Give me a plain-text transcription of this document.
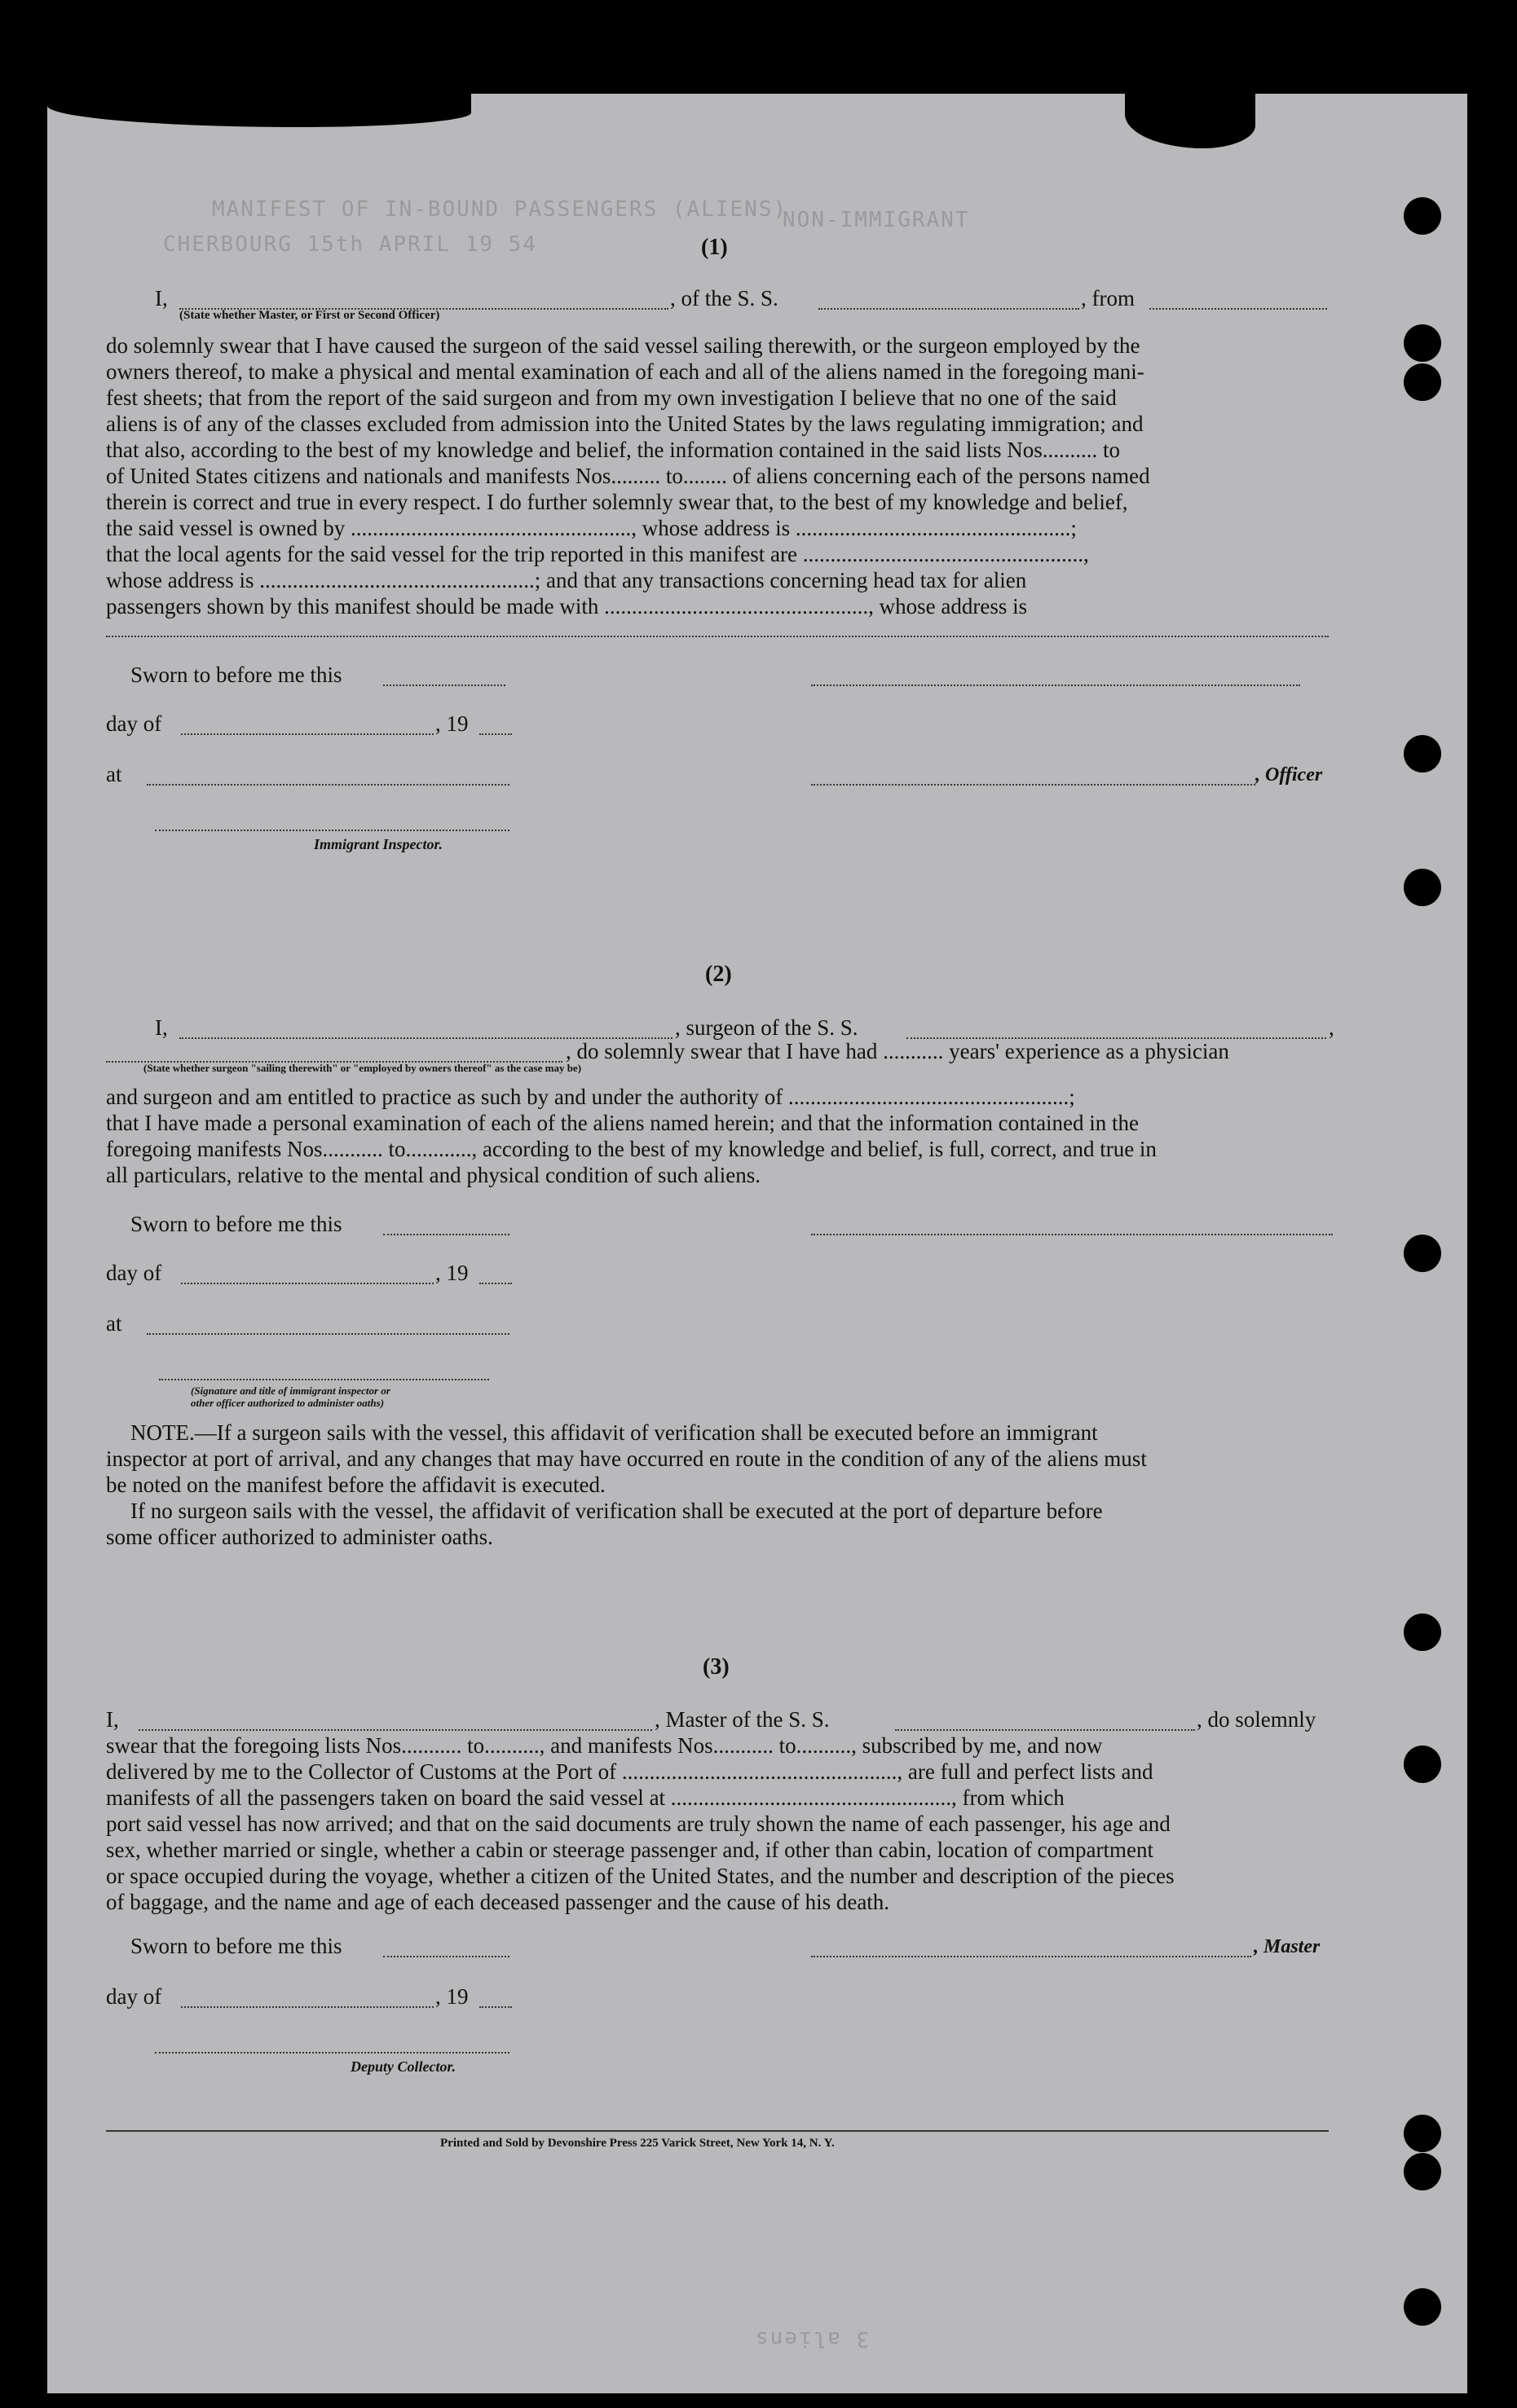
MANIFEST OF IN-BOUND PASSENGERS (ALIENS)
CHERBOURG 15th APRIL 19 54
NON-IMMIGRANT
(1)
I,	, of the S. S.	, from
(State whether Master, or First or Second Officer)
do solemnly swear that I have caused the surgeon of the said vessel sailing therewith, or the surgeon employed by the
owners thereof, to make a physical and mental examination of each and all of the aliens named in the foregoing mani-
fest sheets; that from the report of the said surgeon and from my own investigation I believe that no one of the said
aliens is of any of the classes excluded from admission into the United States by the laws regulating immigration; and
that also, according to the best of my knowledge and belief, the information contained in the said lists Nos.......... to
of United States citizens and nationals and manifests Nos......... to........ of aliens concerning each of the persons named
therein is correct and true in every respect. I do further solemnly swear that, to the best of my knowledge and belief,
the said vessel is owned by ..................................................., whose address is ..................................................;
that the local agents for the said vessel for the trip reported in this manifest are ...................................................,
whose address is ..................................................; and that any transactions concerning head tax for alien
passengers shown by this manifest should be made with ................................................, whose address is
Sworn to before me this
day of	, 19
at	, Officer
Immigrant Inspector.
(2)
I,	, surgeon of the S. S.	,
, do solemnly swear that I have had ........... years' experience as a physician
(State whether surgeon "sailing therewith" or "employed by owners thereof" as the case may be)
and surgeon and am entitled to practice as such by and under the authority of ...................................................;
that I have made a personal examination of each of the aliens named herein; and that the information contained in the
foregoing manifests Nos........... to............, according to the best of my knowledge and belief, is full, correct, and true in
all particulars, relative to the mental and physical condition of such aliens.
Sworn to before me this
day of	, 19
at
(Signature and title of immigrant inspector or
other officer authorized to administer oaths)
NOTE.—If a surgeon sails with the vessel, this affidavit of verification shall be executed before an immigrant
inspector at port of arrival, and any changes that may have occurred en route in the condition of any of the aliens must
be noted on the manifest before the affidavit is executed.
If no surgeon sails with the vessel, the affidavit of verification shall be executed at the port of departure before
some officer authorized to administer oaths.
(3)
I,	, Master of the S. S.	, do solemnly
swear that the foregoing lists Nos........... to.........., and manifests Nos........... to.........., subscribed by me, and now
delivered by me to the Collector of Customs at the Port of .................................................., are full and perfect lists and
manifests of all the passengers taken on board the said vessel at ..................................................., from which
port said vessel has now arrived; and that on the said documents are truly shown the name of each passenger, his age and
sex, whether married or single, whether a cabin or steerage passenger and, if other than cabin, location of compartment
or space occupied during the voyage, whether a citizen of the United States, and the number and description of the pieces
of baggage, and the name and age of each deceased passenger and the cause of his death.
Sworn to before me this	, Master
day of	, 19
Deputy Collector.
Printed and Sold by Devonshire Press 225 Varick Street, New York 14, N. Y.
3 aliens
